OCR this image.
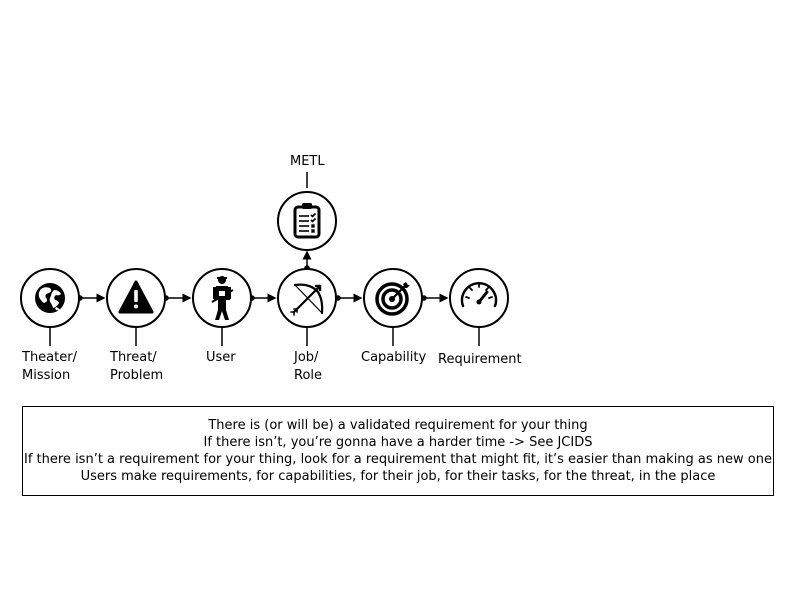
Theater/
Mission
Threat/
Problem
User	Job/
Role
Capability Requirement
METL
There is (or will be) a validated requirement for your thing
If there isn’t, you’re gonna have a harder time -> See JCIDS
If there isn’t a requirement for your thing, look for a requirement that might fit, it’s easier than making as new one
Users make requirements, for capabilities, for their job, for their tasks, for the threat, in the place
